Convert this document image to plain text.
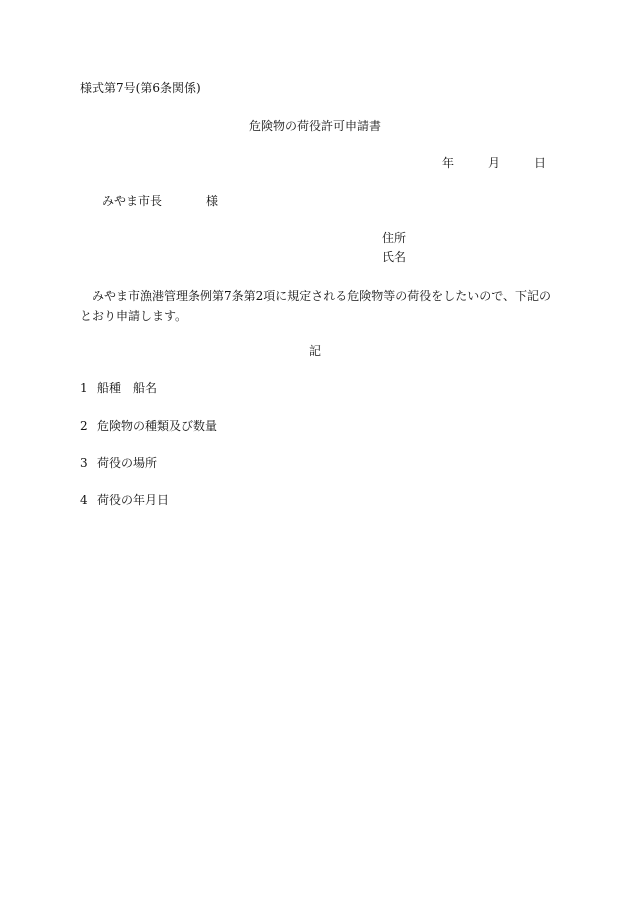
様式第7号(第6条関係)
危険物の荷役許可申請書
年	月	日
みやま市長	様
住所
氏名
みやま市漁港管理条例第7条第2項に規定される危険物等の荷役をしたいので、下記のとおり申請します。
記
1 船種　船名
2 危険物の種類及び数量
3 荷役の場所
4 荷役の年月日
